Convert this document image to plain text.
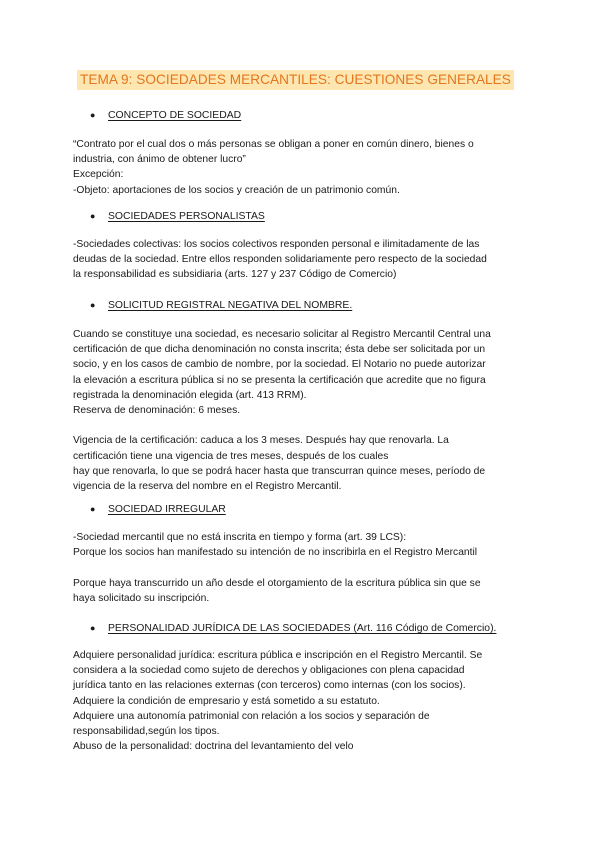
TEMA 9: SOCIEDADES MERCANTILES: CUESTIONES GENERALES
● CONCEPTO DE SOCIEDAD
“Contrato por el cual dos o más personas se obligan a poner en común dinero, bienes o
industria, con ánimo de obtener lucro”
Excepción:
-Objeto: aportaciones de los socios y creación de un patrimonio común.
● SOCIEDADES PERSONALISTAS
-Sociedades colectivas: los socios colectivos responden personal e ilimitadamente de las
deudas de la sociedad. Entre ellos responden solidariamente pero respecto de la sociedad
la responsabilidad es subsidiaria (arts. 127 y 237 Código de Comercio)
● SOLICITUD REGISTRAL NEGATIVA DEL NOMBRE.
Cuando se constituye una sociedad, es necesario solicitar al Registro Mercantil Central una
certificación de que dicha denominación no consta inscrita; ésta debe ser solicitada por un
socio, y en los casos de cambio de nombre, por la sociedad. El Notario no puede autorizar
la elevación a escritura pública si no se presenta la certificación que acredite que no figura
registrada la denominación elegida (art. 413 RRM).
Reserva de denominación: 6 meses.

Vigencia de la certificación: caduca a los 3 meses. Después hay que renovarla. La
certificación tiene una vigencia de tres meses, después de los cuales
hay que renovarla, lo que se podrá hacer hasta que transcurran quince meses, período de
vigencia de la reserva del nombre en el Registro Mercantil.
● SOCIEDAD IRREGULAR
-Sociedad mercantil que no está inscrita en tiempo y forma (art. 39 LCS):
Porque los socios han manifestado su intención de no inscribirla en el Registro Mercantil

Porque haya transcurrido un año desde el otorgamiento de la escritura pública sin que se
haya solicitado su inscripción.
● PERSONALIDAD JURÍDICA DE LAS SOCIEDADES (Art. 116 Código de Comercio).
Adquiere personalidad jurídica: escritura pública e inscripción en el Registro Mercantil. Se
considera a la sociedad como sujeto de derechos y obligaciones con plena capacidad
jurídica tanto en las relaciones externas (con terceros) como internas (con los socios).
Adquiere la condición de empresario y está sometido a su estatuto.
Adquiere una autonomía patrimonial con relación a los socios y separación de
responsabilidad,según los tipos.
Abuso de la personalidad: doctrina del levantamiento del velo
